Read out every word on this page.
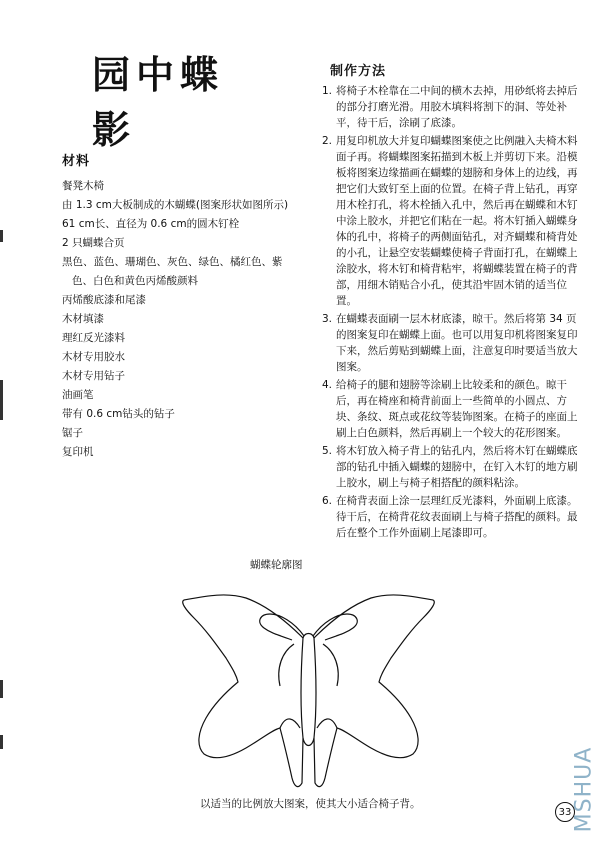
园中蝶影
材料
餐凳木椅
由 1.3 cm大板制成的木蝴蝶(图案形状如图所示)
61 cm长、直径为 0.6 cm的圆木钉栓
2 只蝴蝶合页
黑色、蓝色、珊瑚色、灰色、绿色、橘红色、紫
色、白色和黄色丙烯酸颜料
丙烯酸底漆和尾漆
木材填漆
理红反光漆料
木材专用胶水
木材专用钻子
油画笔
带有 0.6 cm钻头的钻子
锯子
复印机
制作方法
1. 将椅子木栓靠在二中间的横木去掉，用砂纸将去掉后的部分打磨光滑。用胶木填料将割下的洞、等处补平，待干后，涂刷了底漆。
2. 用复印机放大并复印蝴蝶图案使之比例融入夫椅木料面子再。将蝴蝶图案拓描到木板上并剪切下来。沿模板将图案边缘描画在蝴蝶的翅膀和身体上的边线，再把它们大致钉至上面的位置。在椅子背上钻孔，再穿用木栓打孔，将木栓插入孔中，然后再在蝴蝶和木钉中涂上胶水，并把它们粘在一起。将木钉插入蝴蝶身体的孔中，将椅子的两侧面钻孔，对齐蝴蝶和椅背处的小孔，让悬空安装蝴蝶使椅子背面打孔，在蝴蝶上涂胶水，将木钉和椅背粘牢，将蝴蝶装置在椅子的背部，用细木销贴合小孔，使其沿牢固木销的适当位置。
3. 在蝴蝶表面刷一层木材底漆，晾干。然后将第 34 页的图案复印在蝴蝶上面。也可以用复印机将图案复印下来，然后剪贴到蝴蝶上面，注意复印时要适当放大图案。
4. 给椅子的腿和翅膀等涂刷上比较柔和的颜色。晾干后，再在椅座和椅背前面上一些简单的小圆点、方块、条纹、斑点或花纹等装饰图案。在椅子的座面上刷上白色颜料，然后再刷上一个较大的花形图案。
5. 将木钉放入椅子背上的钻孔内，然后将木钉在蝴蝶底部的钻孔中插入蝴蝶的翅膀中，在钉入木钉的地方刷上胶水，刷上与椅子相搭配的颜料粘涂。
6. 在椅背表面上涂一层理红反光漆料，外面刷上底漆。待干后，在椅背花纹表面刷上与椅子搭配的颜料。最后在整个工作外面刷上尾漆即可。
蝴蝶轮廓图
以适当的比例放大图案，使其大小适合椅子背。
33 MSHUA
